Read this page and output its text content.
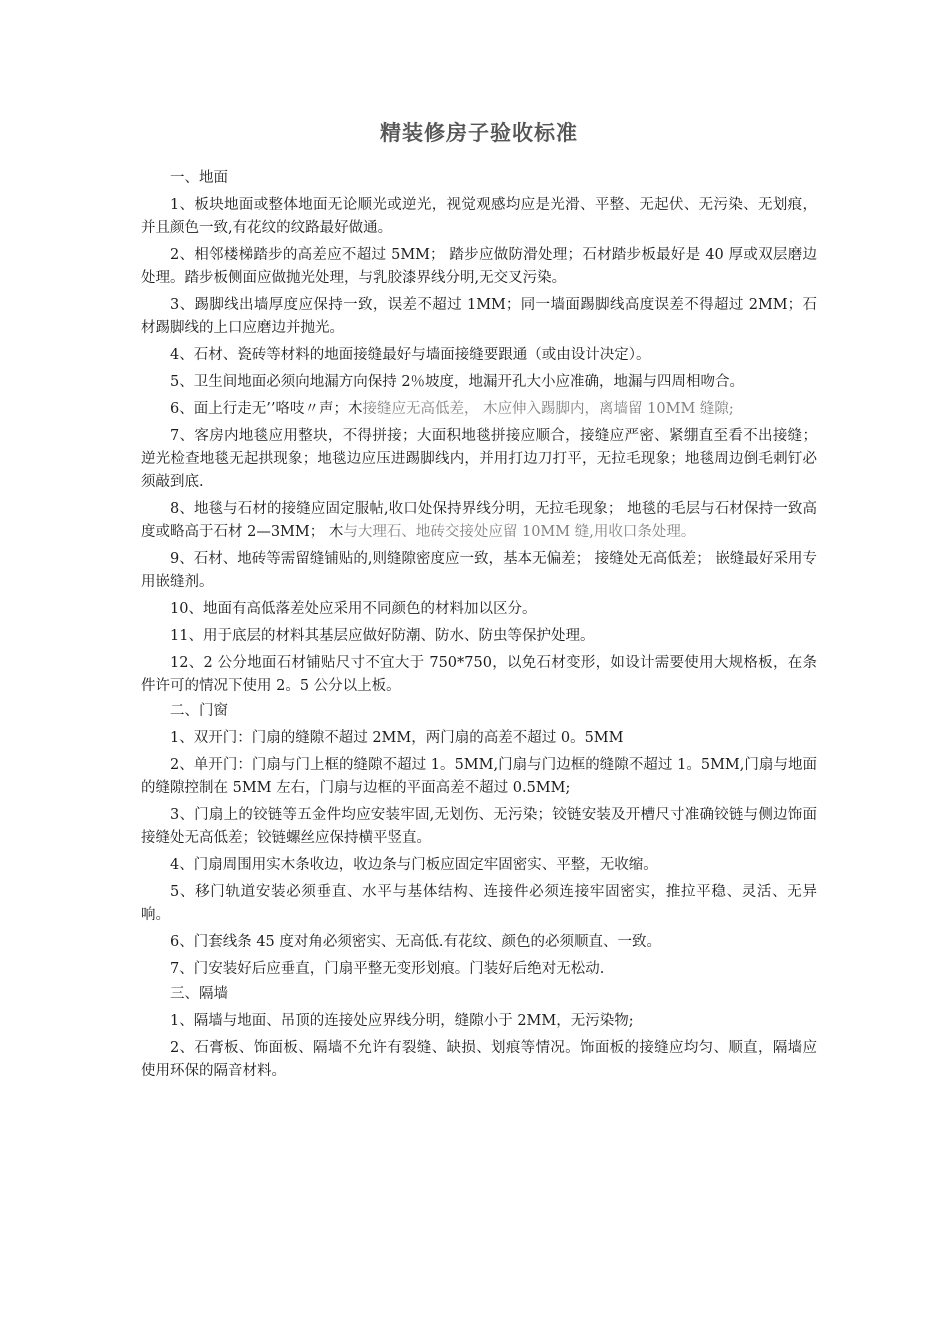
精装修房子验收标准
一、地面

1、板块地面或整体地面无论顺光或逆光，视觉观感均应是光滑、平整、无起伏、无污染、无划痕，并且颜色一致,有花纹的纹路最好做通。

2、相邻楼梯踏步的高差应不超过 5MM； 踏步应做防滑处理；石材踏步板最好是 40 厚或双层磨边处理。踏步板侧面应做抛光处理，与乳胶漆界线分明,无交叉污染。

3、踢脚线出墙厚度应保持一致，误差不超过 1MM；同一墙面踢脚线高度误差不得超过 2MM；石材踢脚线的上口应磨边并抛光。

4、石材、瓷砖等材料的地面接缝最好与墙面接缝要跟通（或由设计决定）。

5、卫生间地面必须向地漏方向保持 2％坡度，地漏开孔大小应准确，地漏与四周相吻合。

6、面上行走无’’咯吱〃声；木接缝应无高低差， 木应伸入踢脚内，离墙留 10MM 缝隙;

7、客房内地毯应用整块，不得拼接；大面积地毯拼接应顺合，接缝应严密、紧绷直至看不出接缝；逆光检查地毯无起拱现象；地毯边应压进踢脚线内，并用打边刀打平，无拉毛现象；地毯周边倒毛刺钉必须敲到底.

8、地毯与石材的接缝应固定服帖,收口处保持界线分明，无拉毛现象； 地毯的毛层与石材保持一致高度或略高于石材 2—3MM； 木与大理石、地砖交接处应留 10MM 缝,用收口条处理。

9、石材、地砖等需留缝铺贴的,则缝隙密度应一致，基本无偏差； 接缝处无高低差； 嵌缝最好采用专用嵌缝剂。

10、地面有高低落差处应采用不同颜色的材料加以区分。

11、用于底层的材料其基层应做好防潮、防水、防虫等保护处理。

12、2 公分地面石材铺贴尺寸不宜大于 750*750，以免石材变形，如设计需要使用大规格板，在条件许可的情况下使用 2。5 公分以上板。

二、门窗

1、双开门：门扇的缝隙不超过 2MM，两门扇的高差不超过 0。5MM

2、单开门：门扇与门上框的缝隙不超过 1。5MM,门扇与门边框的缝隙不超过 1。5MM,门扇与地面的缝隙控制在 5MM 左右，门扇与边框的平面高差不超过 0.5MM;

3、门扇上的铰链等五金件均应安装牢固,无划伤、无污染；铰链安装及开槽尺寸准确铰链与侧边饰面接缝处无高低差；铰链螺丝应保持横平竖直。

4、门扇周围用实木条收边，收边条与门板应固定牢固密实、平整，无收缩。

5、移门轨道安装必须垂直、水平与基体结构、连接件必须连接牢固密实，推拉平稳、灵活、无异响。

6、门套线条 45 度对角必须密实、无高低.有花纹、颜色的必须顺直、一致。

7、门安装好后应垂直，门扇平整无变形划痕。门装好后绝对无松动.

三、隔墙

1、隔墙与地面、吊顶的连接处应界线分明，缝隙小于 2MM，无污染物;

2、石膏板、饰面板、隔墙不允许有裂缝、缺损、划痕等情况。饰面板的接缝应均匀、顺直，隔墙应使用环保的隔音材料。
